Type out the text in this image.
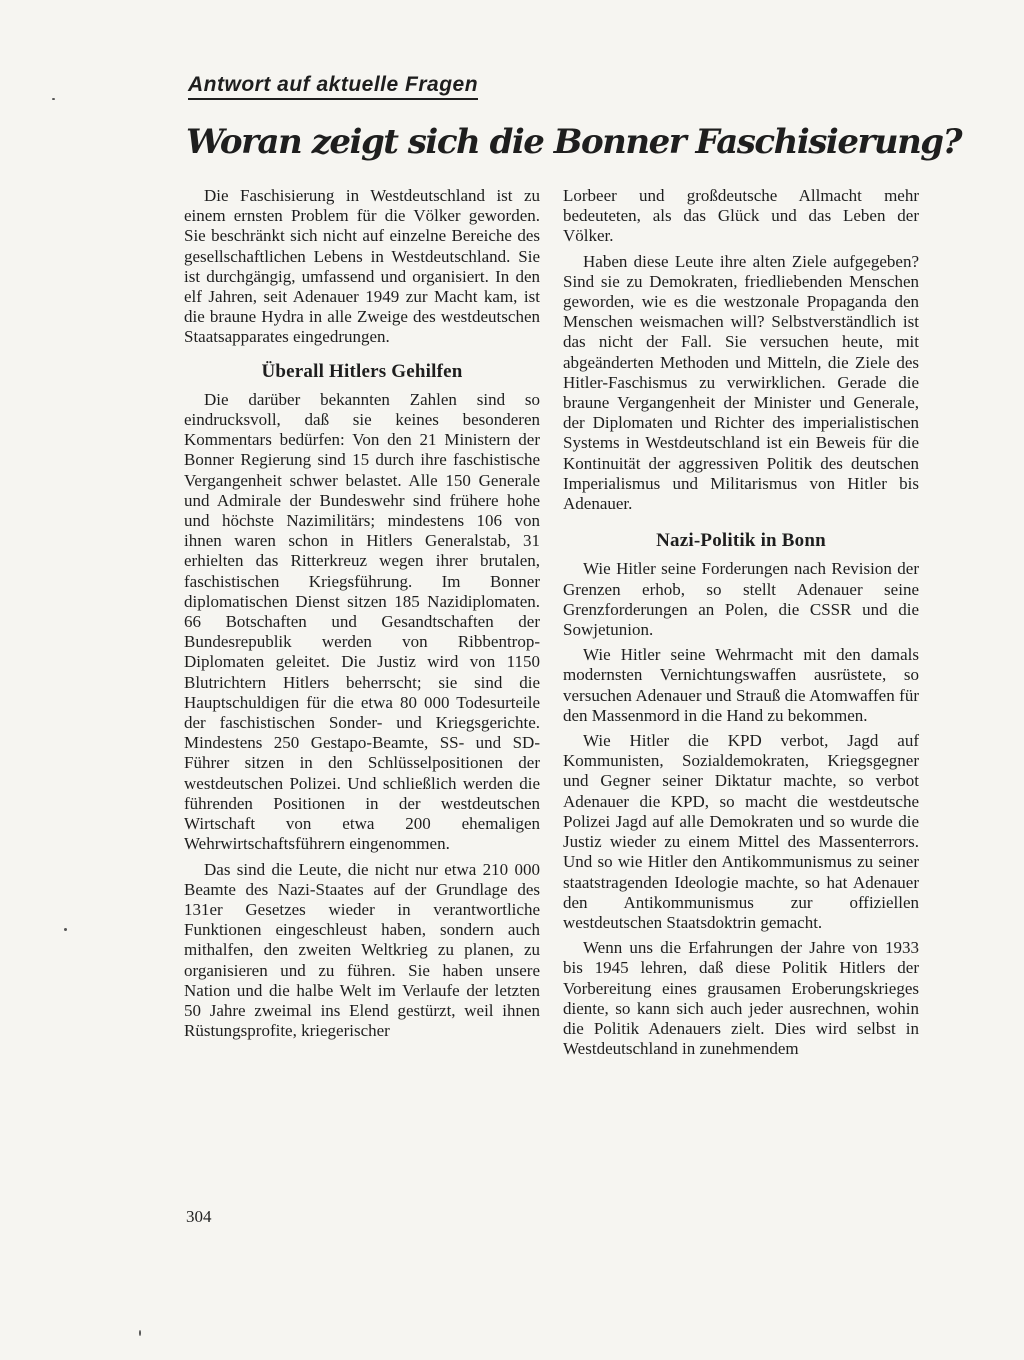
Antwort auf aktuelle Fragen
Woran zeigt sich die Bonner Faschisierung?

Die Faschisierung in Westdeutschland ist zu einem ernsten Problem für die Völker geworden. Sie beschränkt sich nicht auf einzelne Bereiche des gesellschaftlichen Lebens in Westdeutschland. Sie ist durchgängig, umfassend und organisiert. In den elf Jahren, seit Adenauer 1949 zur Macht kam, ist die braune Hydra in alle Zweige des westdeutschen Staatsapparates eingedrungen.

Überall Hitlers Gehilfen

Die darüber bekannten Zahlen sind so eindrucksvoll, daß sie keines besonderen Kommentars bedürfen: Von den 21 Ministern der Bonner Regierung sind 15 durch ihre faschistische Vergangenheit schwer belastet. Alle 150 Generale und Admirale der Bundeswehr sind frühere hohe und höchste Nazimilitärs; mindestens 106 von ihnen waren schon in Hitlers Generalstab, 31 erhielten das Ritterkreuz wegen ihrer brutalen, faschistischen Kriegsführung. Im Bonner diplomatischen Dienst sitzen 185 Nazidiplomaten. 66 Botschaften und Gesandtschaften der Bundesrepublik werden von Ribbentrop-Diplomaten geleitet. Die Justiz wird von 1150 Blutrichtern Hitlers beherrscht; sie sind die Hauptschuldigen für die etwa 80 000 Todesurteile der faschistischen Sonder- und Kriegsgerichte. Mindestens 250 Gestapo-Beamte, SS- und SD-Führer sitzen in den Schlüsselpositionen der westdeutschen Polizei. Und schließlich werden die führenden Positionen in der westdeutschen Wirtschaft von etwa 200 ehemaligen Wehrwirtschaftsführern eingenommen.

Das sind die Leute, die nicht nur etwa 210 000 Beamte des Nazi-Staates auf der Grundlage des 131er Gesetzes wieder in verantwortliche Funktionen eingeschleust haben, sondern auch mithalfen, den zweiten Weltkrieg zu planen, zu organisieren und zu führen. Sie haben unsere Nation und die halbe Welt im Verlaufe der letzten 50 Jahre zweimal ins Elend gestürzt, weil ihnen Rüstungsprofite, kriegerischer

Lorbeer und großdeutsche Allmacht mehr bedeuteten, als das Glück und das Leben der Völker.

Haben diese Leute ihre alten Ziele aufgegeben? Sind sie zu Demokraten, friedliebenden Menschen geworden, wie es die westzonale Propaganda den Menschen weismachen will? Selbstverständlich ist das nicht der Fall. Sie versuchen heute, mit abgeänderten Methoden und Mitteln, die Ziele des Hitler-Faschismus zu verwirklichen. Gerade die braune Vergangenheit der Minister und Generale, der Diplomaten und Richter des imperialistischen Systems in Westdeutschland ist ein Beweis für die Kontinuität der aggressiven Politik des deutschen Imperialismus und Militarismus von Hitler bis Adenauer.

Nazi-Politik in Bonn

Wie Hitler seine Forderungen nach Revision der Grenzen erhob, so stellt Adenauer seine Grenzforderungen an Polen, die CSSR und die Sowjetunion.

Wie Hitler seine Wehrmacht mit den damals modernsten Vernichtungswaffen ausrüstete, so versuchen Adenauer und Strauß die Atomwaffen für den Massenmord in die Hand zu bekommen.

Wie Hitler die KPD verbot, Jagd auf Kommunisten, Sozialdemokraten, Kriegsgegner und Gegner seiner Diktatur machte, so verbot Adenauer die KPD, so macht die westdeutsche Polizei Jagd auf alle Demokraten und so wurde die Justiz wieder zu einem Mittel des Massenterrors. Und so wie Hitler den Antikommunismus zu seiner staatstragenden Ideologie machte, so hat Adenauer den Antikommunismus zur offiziellen westdeutschen Staatsdoktrin gemacht.

Wenn uns die Erfahrungen der Jahre von 1933 bis 1945 lehren, daß diese Politik Hitlers der Vorbereitung eines grausamen Eroberungskrieges diente, so kann sich auch jeder ausrechnen, wohin die Politik Adenauers zielt. Dies wird selbst in Westdeutschland in zunehmendem

304
